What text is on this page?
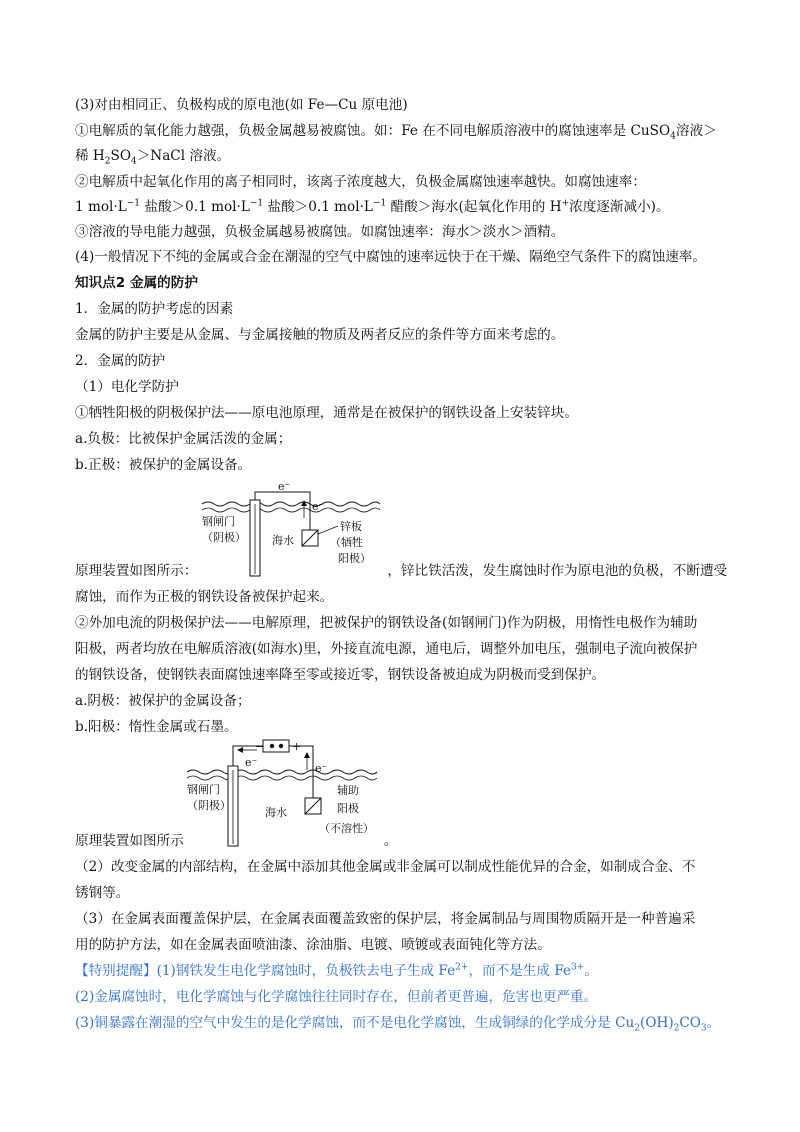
(3)对由相同正、负极构成的原电池(如 Fe—Cu 原电池)
①电解质的氧化能力越强，负极金属越易被腐蚀。如：Fe 在不同电解质溶液中的腐蚀速率是 CuSO$_4$溶液＞
稀 $H_2SO_4>NaCl$ 溶液。
②电解质中起氧化作用的离子相同时，该离子浓度越大，负极金属腐蚀速率越快。如腐蚀速率：
1 $mol\cdot L^{-1}$ 盐酸＞0.1 $mol\cdot L^{-1}$ 盐酸＞0.1 $mol\cdot L^{-1}$ 醋酸＞海水(起氧化作用的 H+浓度逐渐减小)。
③溶液的导电能力越强，负极金属越易被腐蚀。如腐蚀速率：海水＞淡水＞酒精。
(4)一般情况下不纯的金属或合金在潮湿的空气中腐蚀的速率远快于在干燥、隔绝空气条件下的腐蚀速率。
知识点2 金属的防护
1．金属的防护考虑的因素
金属的防护主要是从金属、与金属接触的物质及两者反应的条件等方面来考虑的。
2．金属的防护
（1）电化学防护
①牺牲阳极的阴极保护法——原电池原理，通常是在被保护的钢铁设备上安装锌块。
a.负极：比被保护金属活泼的金属；
b.正极：被保护的金属设备。
e⁻
e⁻
钢闸门
（阴极） 海水
锌板
（牺牲
阳极）
原理装置如图所示：	，锌比铁活泼，发生腐蚀时作为原电池的负极，不断遭受
腐蚀，而作为正极的钢铁设备被保护起来。
②外加电流的阴极保护法——电解原理，把被保护的钢铁设备(如钢闸门)作为阴极，用惰性电极作为辅助
阳极，两者均放在电解质溶液(如海水)里，外接直流电源，通电后，调整外加电压，强制电子流向被保护
的钢铁设备，使钢铁表面腐蚀速率降至零或接近零，钢铁设备被迫成为阴极而受到保护。
a.阴极：被保护的金属设备；
b.阳极：惰性金属或石墨。
−	+
e⁻	e⁻
钢闸门
（阴极）
海水
辅助
阳极
（不溶性）
原理装置如图所示	。
（2）改变金属的内部结构，在金属中添加其他金属或非金属可以制成性能优异的合金，如制成合金、不
锈钢等。
（3）在金属表面覆盖保护层，在金属表面覆盖致密的保护层，将金属制品与周围物质隔开是一种普遍采
用的防护方法，如在金属表面喷油漆、涂油脂、电镀、喷镀或表面钝化等方法。
【特别提醒】(1)钢铁发生电化学腐蚀时，负极铁去电子生成 $Fe^{2+}$，而不是生成 $Fe^{3+}$。
(2)金属腐蚀时，电化学腐蚀与化学腐蚀往往同时存在，但前者更普遍，危害也更严重。
(3)铜暴露在潮湿的空气中发生的是化学腐蚀，而不是电化学腐蚀，生成铜绿的化学成分是 $Cu_2(OH)_2CO_3$。
